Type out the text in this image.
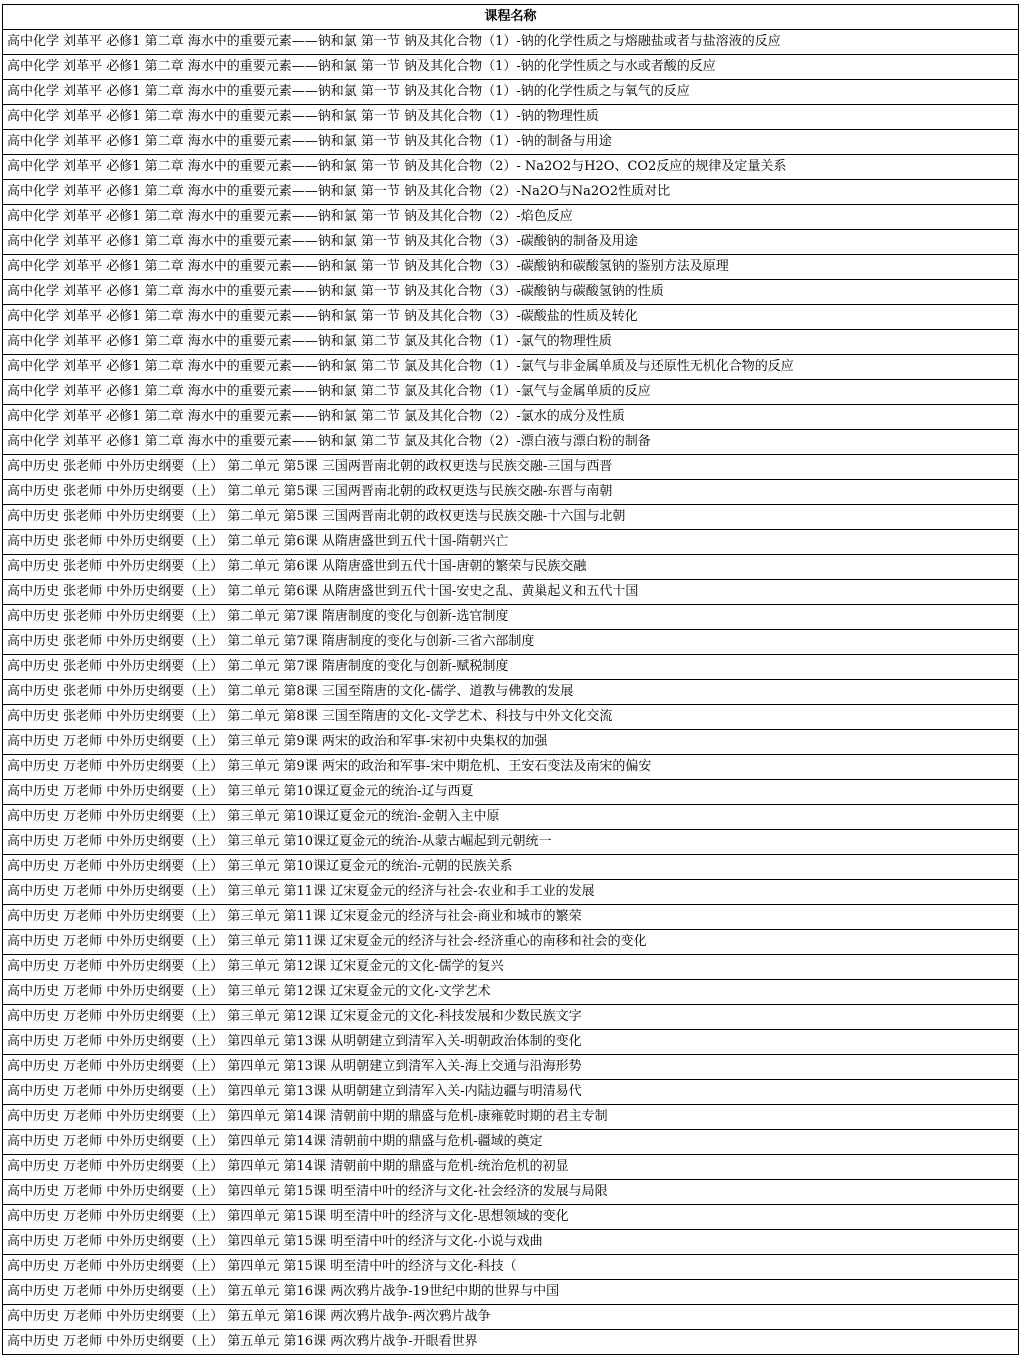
课程名称
高中化学 刘革平 必修1 第二章 海水中的重要元素——钠和氯 第一节 钠及其化合物（1）-钠的化学性质之与熔融盐或者与盐溶液的反应
高中化学 刘革平 必修1 第二章 海水中的重要元素——钠和氯 第一节 钠及其化合物（1）-钠的化学性质之与水或者酸的反应
高中化学 刘革平 必修1 第二章 海水中的重要元素——钠和氯 第一节 钠及其化合物（1）-钠的化学性质之与氧气的反应
高中化学 刘革平 必修1 第二章 海水中的重要元素——钠和氯 第一节 钠及其化合物（1）-钠的物理性质
高中化学 刘革平 必修1 第二章 海水中的重要元素——钠和氯 第一节 钠及其化合物（1）-钠的制备与用途
高中化学 刘革平 必修1 第二章 海水中的重要元素——钠和氯 第一节 钠及其化合物（2）- Na2O2与H2O、CO2反应的规律及定量关系
高中化学 刘革平 必修1 第二章 海水中的重要元素——钠和氯 第一节 钠及其化合物（2）-Na2O与Na2O2性质对比
高中化学 刘革平 必修1 第二章 海水中的重要元素——钠和氯 第一节 钠及其化合物（2）-焰色反应
高中化学 刘革平 必修1 第二章 海水中的重要元素——钠和氯 第一节 钠及其化合物（3）-碳酸钠的制备及用途
高中化学 刘革平 必修1 第二章 海水中的重要元素——钠和氯 第一节 钠及其化合物（3）-碳酸钠和碳酸氢钠的鉴别方法及原理
高中化学 刘革平 必修1 第二章 海水中的重要元素——钠和氯 第一节 钠及其化合物（3）-碳酸钠与碳酸氢钠的性质
高中化学 刘革平 必修1 第二章 海水中的重要元素——钠和氯 第一节 钠及其化合物（3）-碳酸盐的性质及转化
高中化学 刘革平 必修1 第二章 海水中的重要元素——钠和氯 第二节 氯及其化合物（1）-氯气的物理性质
高中化学 刘革平 必修1 第二章 海水中的重要元素——钠和氯 第二节 氯及其化合物（1）-氯气与非金属单质及与还原性无机化合物的反应
高中化学 刘革平 必修1 第二章 海水中的重要元素——钠和氯 第二节 氯及其化合物（1）-氯气与金属单质的反应
高中化学 刘革平 必修1 第二章 海水中的重要元素——钠和氯 第二节 氯及其化合物（2）-氯水的成分及性质
高中化学 刘革平 必修1 第二章 海水中的重要元素——钠和氯 第二节 氯及其化合物（2）-漂白液与漂白粉的制备
高中历史 张老师 中外历史纲要（上） 第二单元 第5课 三国两晋南北朝的政权更迭与民族交融-三国与西晋
高中历史 张老师 中外历史纲要（上） 第二单元 第5课 三国两晋南北朝的政权更迭与民族交融-东晋与南朝
高中历史 张老师 中外历史纲要（上） 第二单元 第5课 三国两晋南北朝的政权更迭与民族交融-十六国与北朝
高中历史 张老师 中外历史纲要（上） 第二单元 第6课 从隋唐盛世到五代十国-隋朝兴亡
高中历史 张老师 中外历史纲要（上） 第二单元 第6课 从隋唐盛世到五代十国-唐朝的繁荣与民族交融
高中历史 张老师 中外历史纲要（上） 第二单元 第6课 从隋唐盛世到五代十国-安史之乱、黄巢起义和五代十国
高中历史 张老师 中外历史纲要（上） 第二单元 第7课 隋唐制度的变化与创新-选官制度
高中历史 张老师 中外历史纲要（上） 第二单元 第7课 隋唐制度的变化与创新-三省六部制度
高中历史 张老师 中外历史纲要（上） 第二单元 第7课 隋唐制度的变化与创新-赋税制度
高中历史 张老师 中外历史纲要（上） 第二单元 第8课 三国至隋唐的文化-儒学、道教与佛教的发展
高中历史 张老师 中外历史纲要（上） 第二单元 第8课 三国至隋唐的文化-文学艺术、科技与中外文化交流
高中历史 万老师 中外历史纲要（上） 第三单元 第9课 两宋的政治和军事-宋初中央集权的加强
高中历史 万老师 中外历史纲要（上） 第三单元 第9课 两宋的政治和军事-宋中期危机、王安石变法及南宋的偏安
高中历史 万老师 中外历史纲要（上） 第三单元 第10课辽夏金元的统治-辽与西夏
高中历史 万老师 中外历史纲要（上） 第三单元 第10课辽夏金元的统治-金朝入主中原
高中历史 万老师 中外历史纲要（上） 第三单元 第10课辽夏金元的统治-从蒙古崛起到元朝统一
高中历史 万老师 中外历史纲要（上） 第三单元 第10课辽夏金元的统治-元朝的民族关系
高中历史 万老师 中外历史纲要（上） 第三单元 第11课 辽宋夏金元的经济与社会-农业和手工业的发展
高中历史 万老师 中外历史纲要（上） 第三单元 第11课 辽宋夏金元的经济与社会-商业和城市的繁荣
高中历史 万老师 中外历史纲要（上） 第三单元 第11课 辽宋夏金元的经济与社会-经济重心的南移和社会的变化
高中历史 万老师 中外历史纲要（上） 第三单元 第12课 辽宋夏金元的文化-儒学的复兴
高中历史 万老师 中外历史纲要（上） 第三单元 第12课 辽宋夏金元的文化-文学艺术
高中历史 万老师 中外历史纲要（上） 第三单元 第12课 辽宋夏金元的文化-科技发展和少数民族文字
高中历史 万老师 中外历史纲要（上） 第四单元 第13课 从明朝建立到清军入关-明朝政治体制的变化
高中历史 万老师 中外历史纲要（上） 第四单元 第13课 从明朝建立到清军入关-海上交通与沿海形势
高中历史 万老师 中外历史纲要（上） 第四单元 第13课 从明朝建立到清军入关-内陆边疆与明清易代
高中历史 万老师 中外历史纲要（上） 第四单元 第14课 清朝前中期的鼎盛与危机-康雍乾时期的君主专制
高中历史 万老师 中外历史纲要（上） 第四单元 第14课 清朝前中期的鼎盛与危机-疆域的奠定
高中历史 万老师 中外历史纲要（上） 第四单元 第14课 清朝前中期的鼎盛与危机-统治危机的初显
高中历史 万老师 中外历史纲要（上） 第四单元 第15课 明至清中叶的经济与文化-社会经济的发展与局限
高中历史 万老师 中外历史纲要（上） 第四单元 第15课 明至清中叶的经济与文化-思想领域的变化
高中历史 万老师 中外历史纲要（上） 第四单元 第15课 明至清中叶的经济与文化-小说与戏曲
高中历史 万老师 中外历史纲要（上） 第四单元 第15课 明至清中叶的经济与文化-科技（
高中历史 万老师 中外历史纲要（上） 第五单元 第16课 两次鸦片战争-19世纪中期的世界与中国
高中历史 万老师 中外历史纲要（上） 第五单元 第16课 两次鸦片战争-两次鸦片战争
高中历史 万老师 中外历史纲要（上） 第五单元 第16课 两次鸦片战争-开眼看世界
